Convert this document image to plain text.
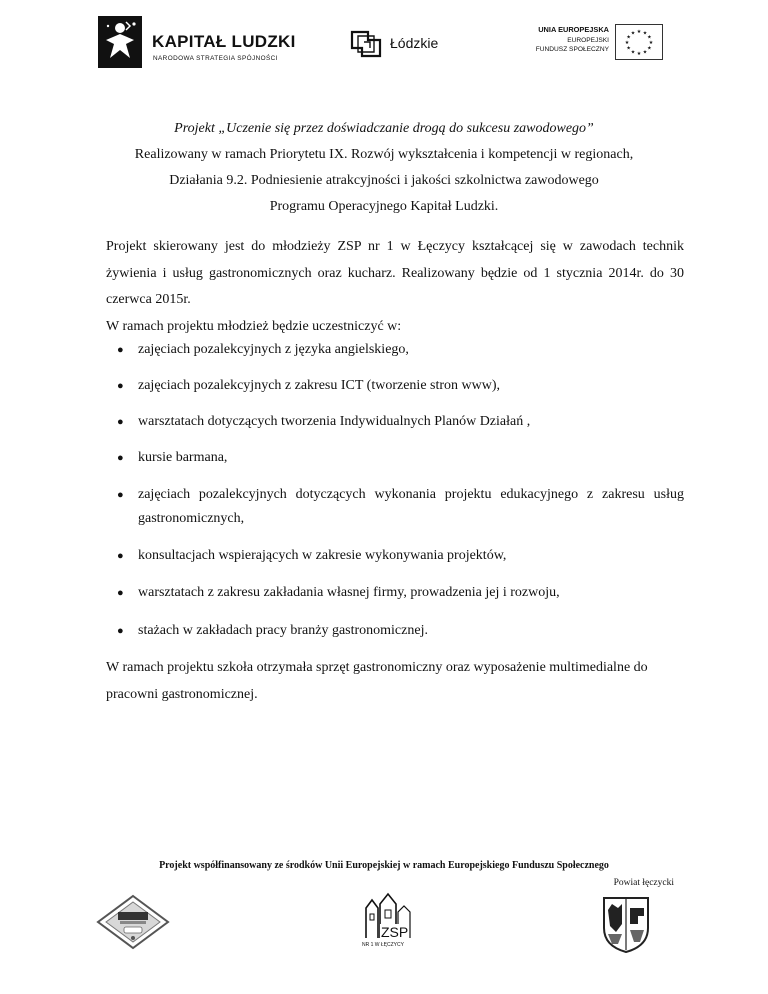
KAPITAŁ LUDZKI
NARODOWA STRATEGIA SPÓJNOŚCI
Łódzkie
UNIA EUROPEJSKA
EUROPEJSKI
FUNDUSZ SPOŁECZNY
★ ★
★
★
★
★
★
★
★
★
★
★
Projekt „Uczenie się przez doświadczanie drogą do sukcesu zawodowego”
Realizowany w ramach Priorytetu IX. Rozwój wykształcenia i kompetencji w regionach,
Działania 9.2. Podniesienie atrakcyjności i jakości szkolnictwa zawodowego
Programu Operacyjnego Kapitał Ludzki.

Projekt skierowany jest do młodzieży ZSP nr 1 w Łęczycy kształcącej się w zawodach technik żywienia i usług gastronomicznych oraz kucharz. Realizowany będzie od 1 stycznia 2014r. do 30 czerwca 2015r.

W ramach projektu młodzież będzie uczestniczyć w:

● zajęciach pozalekcyjnych z języka angielskiego,
● zajęciach pozalekcyjnych z zakresu ICT (tworzenie stron www),
● warsztatach dotyczących tworzenia Indywidualnych Planów Działań ,
● kursie barmana,
● zajęciach pozalekcyjnych dotyczących wykonania projektu edukacyjnego z zakresu usług gastronomicznych,
● konsultacjach wspierających w zakresie wykonywania projektów,
● warsztatach z zakresu zakładania własnej firmy, prowadzenia jej i rozwoju,
● stażach w zakładach pracy branży gastronomicznej.
W ramach projektu szkoła otrzymała sprzęt gastronomiczny oraz wyposażenie multimedialne do pracowni gastronomicznej.
Projekt współfinansowany ze środków Unii Europejskiej w ramach Europejskiego Funduszu Społecznego
Powiat łęczycki
ZSP
NR 1 W ŁĘCZYCY
